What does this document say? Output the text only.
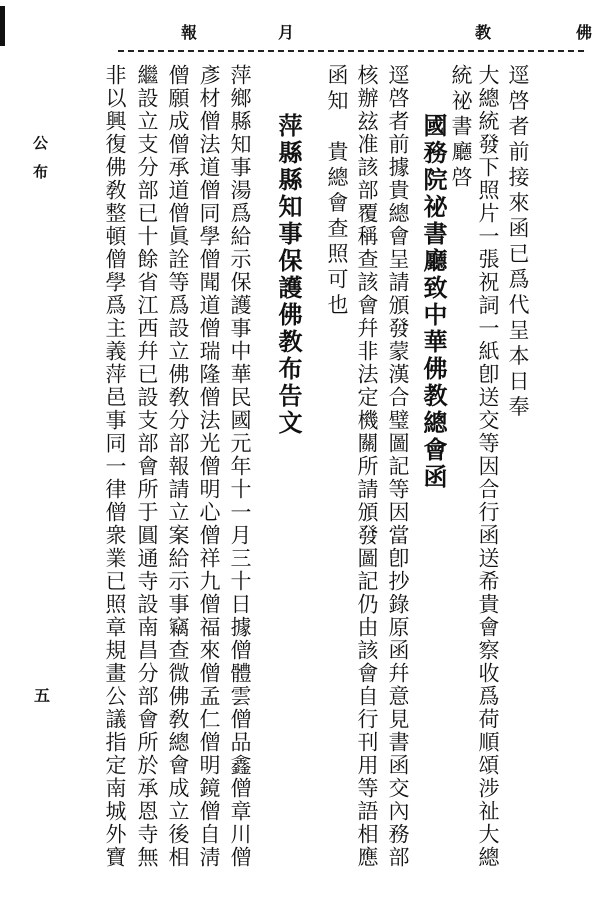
佛
教
月
報
公布
五
逕啓者前接來函已爲代呈本日奉
大總統發下照片一張祝詞一紙卽送交等因合行函送希貴會察收爲荷順頌涉祉大總
統祕書廳啓
國務院祕書廳致中華佛教總會函
逕啓者前據貴總會呈請頒發蒙漢合璧圖記等因當卽抄錄原函幷意見書函交內務部
核辦玆准該部覆稱查該會幷非法定機關所請頒發圖記仍由該會自行刊用等語相應
函知　貴總會查照可也
萍縣縣知事保護佛教布告文
萍鄉縣知事湯爲給示保護事中華民國元年十一月三十日據僧體雲僧品鑫僧章川僧
彥材僧法道僧同學僧聞道僧瑞隆僧法光僧明心僧祥九僧福來僧孟仁僧明鏡僧自淸
僧願成僧承道僧眞詮等爲設立佛敎分部報請立案給示事竊查微佛敎總會成立後相
繼設立支分部已十餘省江西幷已設支部會所于圓通寺設南昌分部會所於承恩寺無
非以興復佛敎整頓僧學爲主義萍邑事同一律僧衆業已照章規畫公議指定南城外寶
